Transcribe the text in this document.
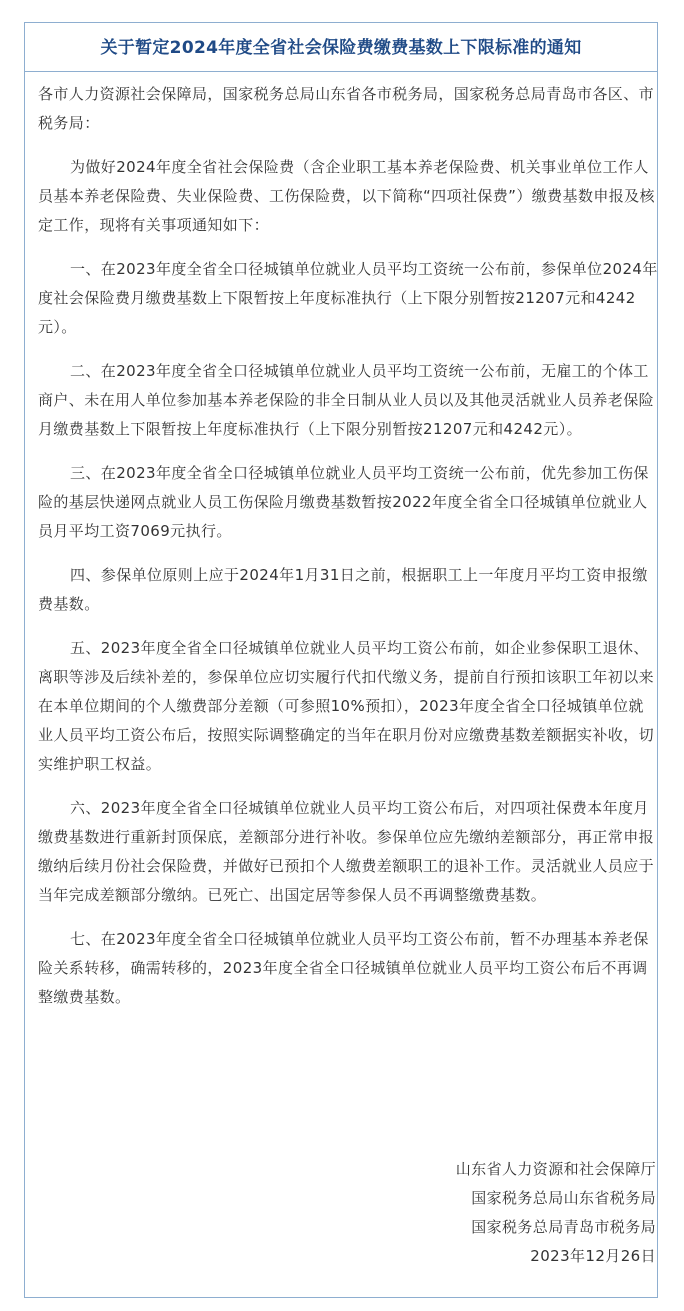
关于暂定2024年度全省社会保险费缴费基数上下限标准的通知

各市人力资源社会保障局，国家税务总局山东省各市税务局，国家税务总局青岛市各区、市税务局：

为做好2024年度全省社会保险费（含企业职工基本养老保险费、机关事业单位工作人员基本养老保险费、失业保险费、工伤保险费，以下简称“四项社保费”）缴费基数申报及核定工作，现将有关事项通知如下：

一、在2023年度全省全口径城镇单位就业人员平均工资统一公布前，参保单位2024年度社会保险费月缴费基数上下限暂按上年度标准执行（上下限分别暂按21207元和4242元）。

二、在2023年度全省全口径城镇单位就业人员平均工资统一公布前，无雇工的个体工商户、未在用人单位参加基本养老保险的非全日制从业人员以及其他灵活就业人员养老保险月缴费基数上下限暂按上年度标准执行（上下限分别暂按21207元和4242元）。

三、在2023年度全省全口径城镇单位就业人员平均工资统一公布前，优先参加工伤保险的基层快递网点就业人员工伤保险月缴费基数暂按2022年度全省全口径城镇单位就业人员月平均工资7069元执行。

四、参保单位原则上应于2024年1月31日之前，根据职工上一年度月平均工资申报缴费基数。

五、2023年度全省全口径城镇单位就业人员平均工资公布前，如企业参保职工退休、离职等涉及后续补差的，参保单位应切实履行代扣代缴义务，提前自行预扣该职工年初以来在本单位期间的个人缴费部分差额（可参照10%预扣），2023年度全省全口径城镇单位就业人员平均工资公布后，按照实际调整确定的当年在职月份对应缴费基数差额据实补收，切实维护职工权益。

六、2023年度全省全口径城镇单位就业人员平均工资公布后，对四项社保费本年度月缴费基数进行重新封顶保底，差额部分进行补收。参保单位应先缴纳差额部分，再正常申报缴纳后续月份社会保险费，并做好已预扣个人缴费差额职工的退补工作。灵活就业人员应于当年完成差额部分缴纳。已死亡、出国定居等参保人员不再调整缴费基数。

七、在2023年度全省全口径城镇单位就业人员平均工资公布前，暂不办理基本养老保险关系转移，确需转移的，2023年度全省全口径城镇单位就业人员平均工资公布后不再调整缴费基数。

山东省人力资源和社会保障厅
国家税务总局山东省税务局
国家税务总局青岛市税务局
2023年12月26日
